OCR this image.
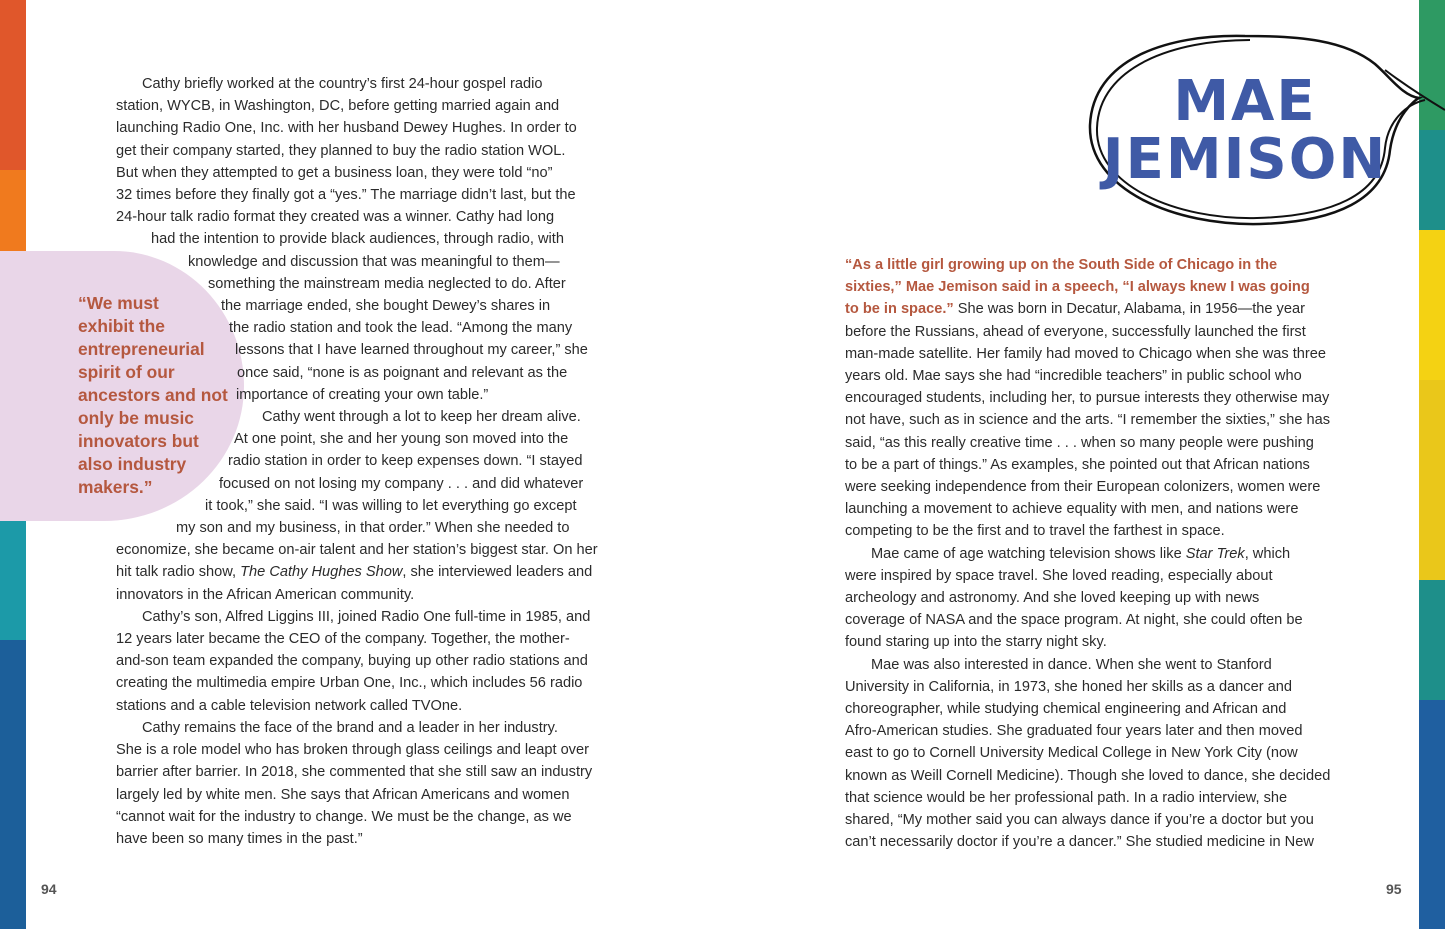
“We must
exhibit the
entrepreneurial
spirit of our
ancestors and not
only be music
innovators but
also industry
makers.”
Cathy briefly worked at the country’s first 24-hour gospel radio
station, WYCB, in Washington, DC, before getting married again and
launching Radio One, Inc. with her husband Dewey Hughes. In order to
get their company started, they planned to buy the radio station WOL.
But when they attempted to get a business loan, they were told “no”
32 times before they finally got a “yes.” The marriage didn’t last, but the
24-hour talk radio format they created was a winner. Cathy had long
had the intention to provide black audiences, through radio, with
knowledge and discussion that was meaningful to them—
something the mainstream media neglected to do. After
the marriage ended, she bought Dewey’s shares in
the radio station and took the lead. “Among the many
lessons that I have learned throughout my career,” she
once said, “none is as poignant and relevant as the
importance of creating your own table.”
Cathy went through a lot to keep her dream alive.
At one point, she and her young son moved into the
radio station in order to keep expenses down. “I stayed
focused on not losing my company . . . and did whatever
it took,” she said. “I was willing to let everything go except
my son and my business, in that order.” When she needed to
economize, she became on-air talent and her station’s biggest star. On her
hit talk radio show, The Cathy Hughes Show, she interviewed leaders and
innovators in the African American community.
Cathy’s son, Alfred Liggins III, joined Radio One full-time in 1985, and
12 years later became the CEO of the company. Together, the mother-
and-son team expanded the company, buying up other radio stations and
creating the multimedia empire Urban One, Inc., which includes 56 radio
stations and a cable television network called TVOne.
Cathy remains the face of the brand and a leader in her industry.
She is a role model who has broken through glass ceilings and leapt over
barrier after barrier. In 2018, she commented that she still saw an industry
largely led by white men. She says that African Americans and women
“cannot wait for the industry to change. We must be the change, as we
have been so many times in the past.”
94
MAE
JEMISON
“As a little girl growing up on the South Side of Chicago in the
sixties,” Mae Jemison said in a speech, “I always knew I was going
to be in space.” She was born in Decatur, Alabama, in 1956—the year
before the Russians, ahead of everyone, successfully launched the first
man-made satellite. Her family had moved to Chicago when she was three
years old. Mae says she had “incredible teachers” in public school who
encouraged students, including her, to pursue interests they otherwise may
not have, such as in science and the arts. “I remember the sixties,” she has
said, “as this really creative time . . . when so many people were pushing
to be a part of things.” As examples, she pointed out that African nations
were seeking independence from their European colonizers, women were
launching a movement to achieve equality with men, and nations were
competing to be the first and to travel the farthest in space.
Mae came of age watching television shows like Star Trek, which
were inspired by space travel. She loved reading, especially about
archeology and astronomy. And she loved keeping up with news
coverage of NASA and the space program. At night, she could often be
found staring up into the starry night sky.
Mae was also interested in dance. When she went to Stanford
University in California, in 1973, she honed her skills as a dancer and
choreographer, while studying chemical engineering and African and
Afro-American studies. She graduated four years later and then moved
east to go to Cornell University Medical College in New York City (now
known as Weill Cornell Medicine). Though she loved to dance, she decided
that science would be her professional path. In a radio interview, she
shared, “My mother said you can always dance if you’re a doctor but you
can’t necessarily doctor if you’re a dancer.” She studied medicine in New
95
